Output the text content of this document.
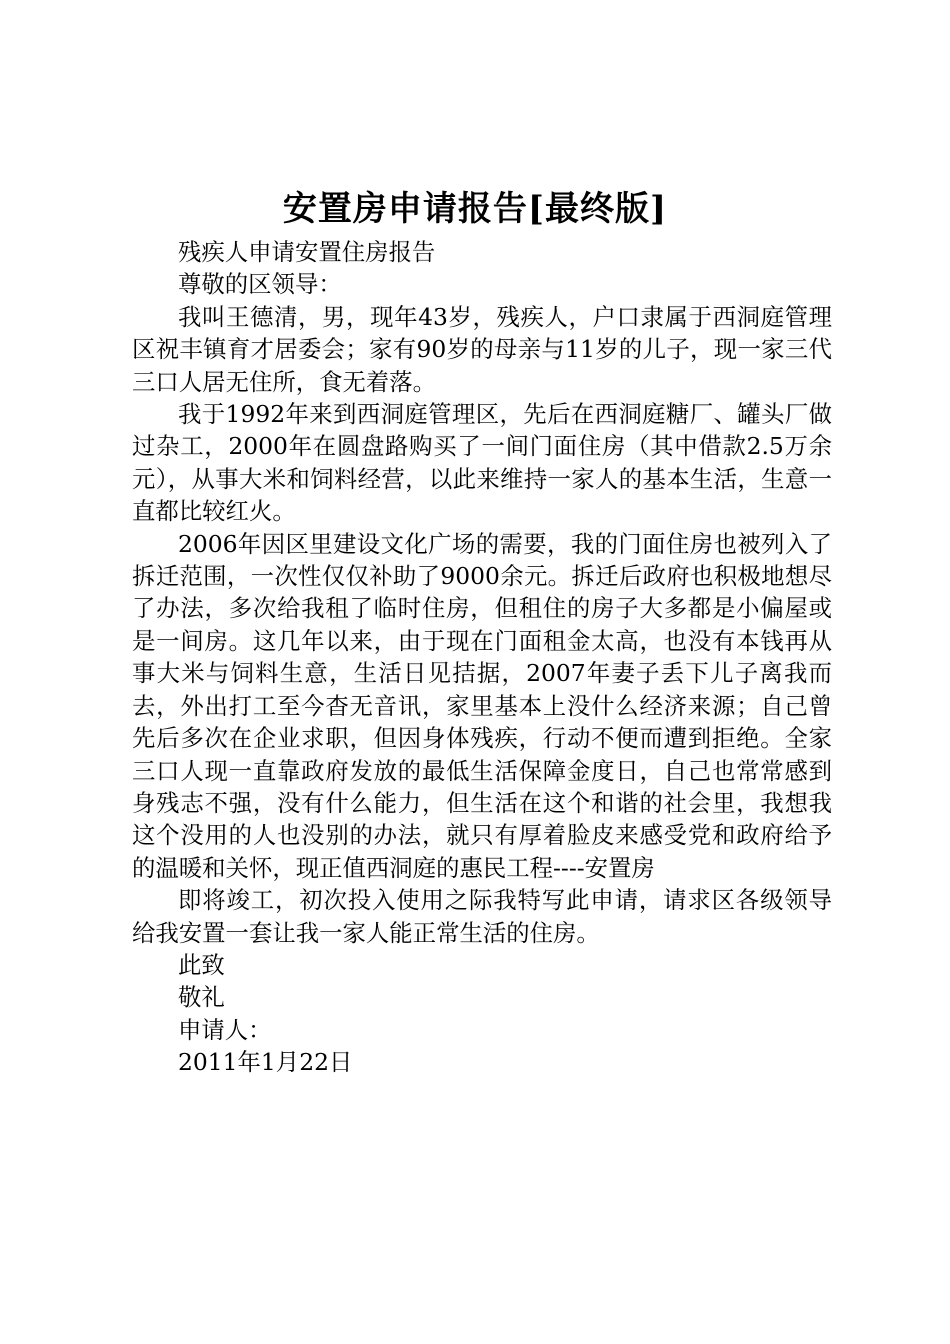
安置房申请报告[最终版]

残疾人申请安置住房报告

尊敬的区领导：

我叫王德清，男，现年43岁，残疾人，户口隶属于西洞庭管理区祝丰镇育才居委会；家有90岁的母亲与11岁的儿子，现一家三代三口人居无住所，食无着落。

我于1992年来到西洞庭管理区，先后在西洞庭糖厂、罐头厂做过杂工，2000年在圆盘路购买了一间门面住房（其中借款2.5万余元），从事大米和饲料经营，以此来维持一家人的基本生活，生意一直都比较红火。

2006年因区里建设文化广场的需要，我的门面住房也被列入了拆迁范围，一次性仅仅补助了9000余元。拆迁后政府也积极地想尽了办法，多次给我租了临时住房，但租住的房子大多都是小偏屋或是一间房。这几年以来，由于现在门面租金太高，也没有本钱再从事大米与饲料生意，生活日见拮据，2007年妻子丢下儿子离我而去，外出打工至今杳无音讯，家里基本上没什么经济来源；自己曾先后多次在企业求职，但因身体残疾，行动不便而遭到拒绝。全家三口人现一直靠政府发放的最低生活保障金度日，自己也常常感到身残志不强，没有什么能力，但生活在这个和谐的社会里，我想我这个没用的人也没别的办法，就只有厚着脸皮来感受党和政府给予的温暖和关怀，现正值西洞庭的惠民工程----安置房

即将竣工，初次投入使用之际我特写此申请，请求区各级领导给我安置一套让我一家人能正常生活的住房。

此致

敬礼

申请人：

2011年1月22日
